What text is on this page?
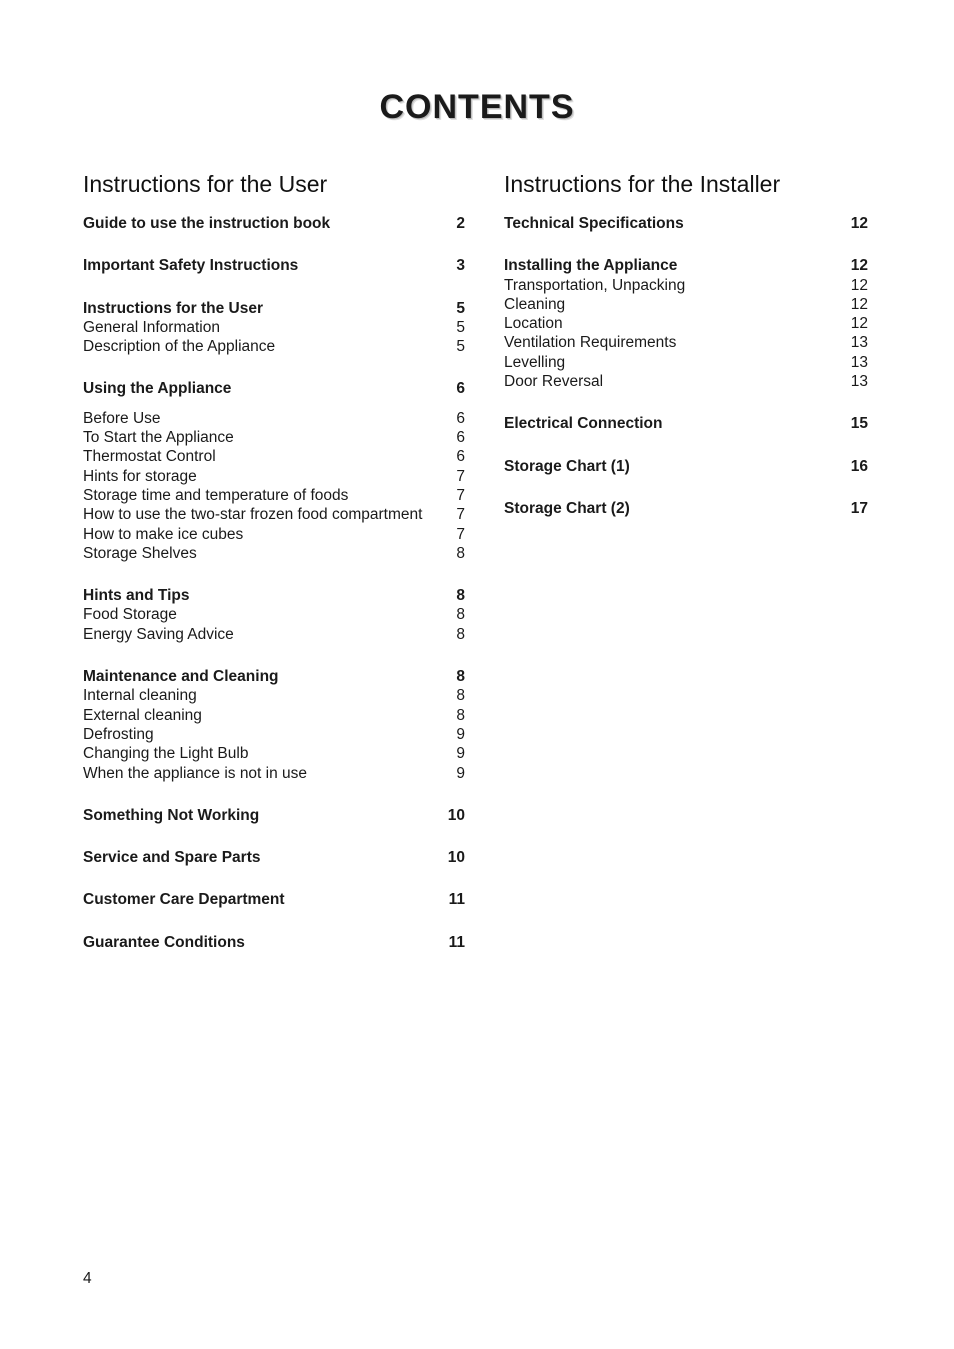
CONTENTS
Instructions for the User
Guide to use the instruction book	2
Important Safety Instructions	3
Instructions for the User	5
General Information	5
Description of the Appliance	5
Using the Appliance	6
Before Use	6
To Start the Appliance	6
Thermostat Control	6
Hints for storage	7
Storage time and temperature of foods	7
How to use the two-star frozen food compartment	7
How to make ice cubes	7
Storage Shelves	8
Hints and Tips	8
Food Storage	8
Energy Saving Advice	8
Maintenance and Cleaning	8
Internal cleaning	8
External cleaning	8
Defrosting	9
Changing the Light Bulb	9
When the appliance is not in use	9
Something Not Working	10
Service and Spare Parts	10
Customer Care Department	11
Guarantee Conditions	11
Instructions for the Installer
Technical Specifications	12
Installing the Appliance	12
Transportation, Unpacking	12
Cleaning	12
Location	12
Ventilation Requirements	13
Levelling	13
Door Reversal	13
Electrical Connection	15
Storage Chart (1)	16
Storage Chart (2)	17
4
